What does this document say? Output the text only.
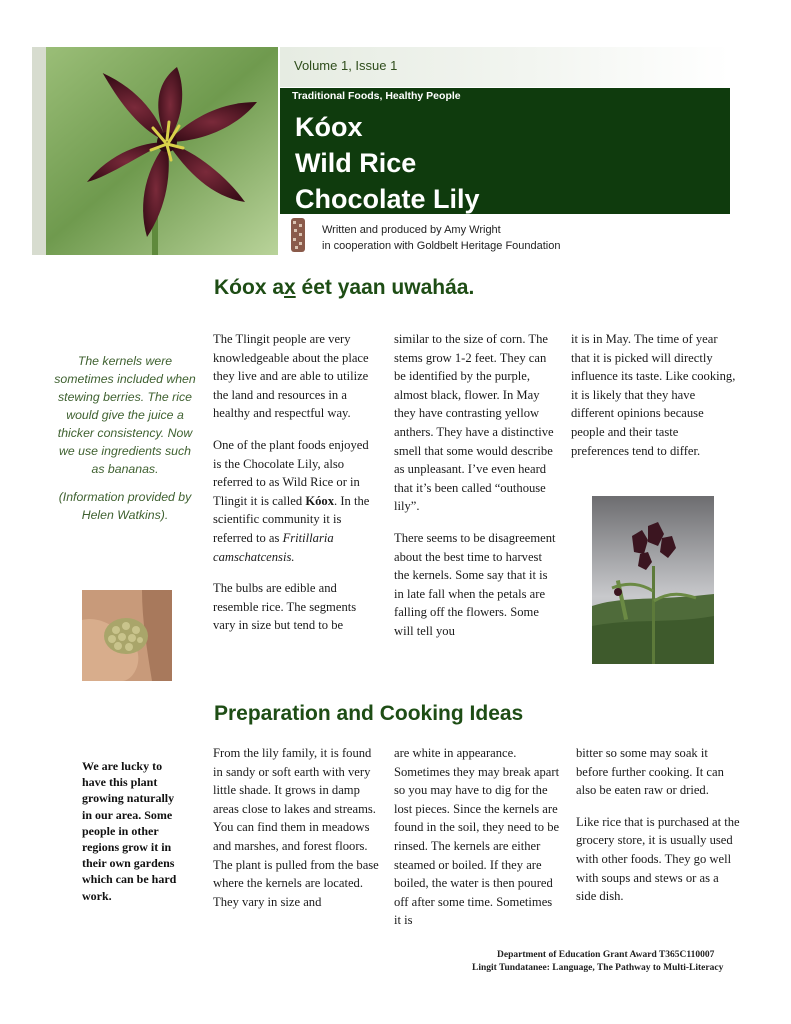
Volume 1, Issue 1
Traditional Foods, Healthy People
Kóox
Wild Rice
Chocolate Lily
Written and produced by Amy Wright
in cooperation with Goldbelt Heritage Foundation
Kóox ax éet yaan uwaháa.

The kernels were sometimes included when stewing berries. The rice would give the juice a thicker consistency. Now we use ingredients such as bananas.

(Information provided by Helen Watkins).

The Tlingit people are very knowledgeable about the place they live and are able to utilize the land and resources in a healthy and respectful way.

One of the plant foods enjoyed is the Chocolate Lily, also referred to as Wild Rice or in Tlingit it is called Kóox. In the scientific community it is referred to as Fritillaria camschatcensis.

The bulbs are edible and resemble rice. The segments vary in size but tend to be

similar to the size of corn. The stems grow 1-2 feet. They can be identified by the purple, almost black, flower. In May they have contrasting yellow anthers. They have a distinctive smell that some would describe as unpleasant. I’ve even heard that it’s been called “outhouse lily”.

There seems to be disagreement about the best time to harvest the kernels. Some say that it is in late fall when the petals are falling off the flowers. Some will tell you

it is in May. The time of year that it is picked will directly influence its taste. Like cooking, it is likely that they have different opinions because people and their taste preferences tend to differ.

Preparation and Cooking Ideas
We are lucky to have this plant growing naturally in our area. Some people in other regions grow it in their own gardens which can be hard work.

From the lily family, it is found in sandy or soft earth with very little shade. It grows in damp areas close to lakes and streams. You can find them in meadows and marshes, and forest floors. The plant is pulled from the base where the kernels are located. They vary in size and

are white in appearance. Sometimes they may break apart so you may have to dig for the lost pieces. Since the kernels are found in the soil, they need to be rinsed. The kernels are either steamed or boiled. If they are boiled, the water is then poured off after some time. Sometimes it is

bitter so some may soak it before further cooking. It can also be eaten raw or dried.

Like rice that is purchased at the grocery store, it is usually used with other foods. They go well with soups and stews or as a side dish.

Department of Education Grant Award T365C110007
Lingit Tundatanee: Language, The Pathway to Multi-Literacy
